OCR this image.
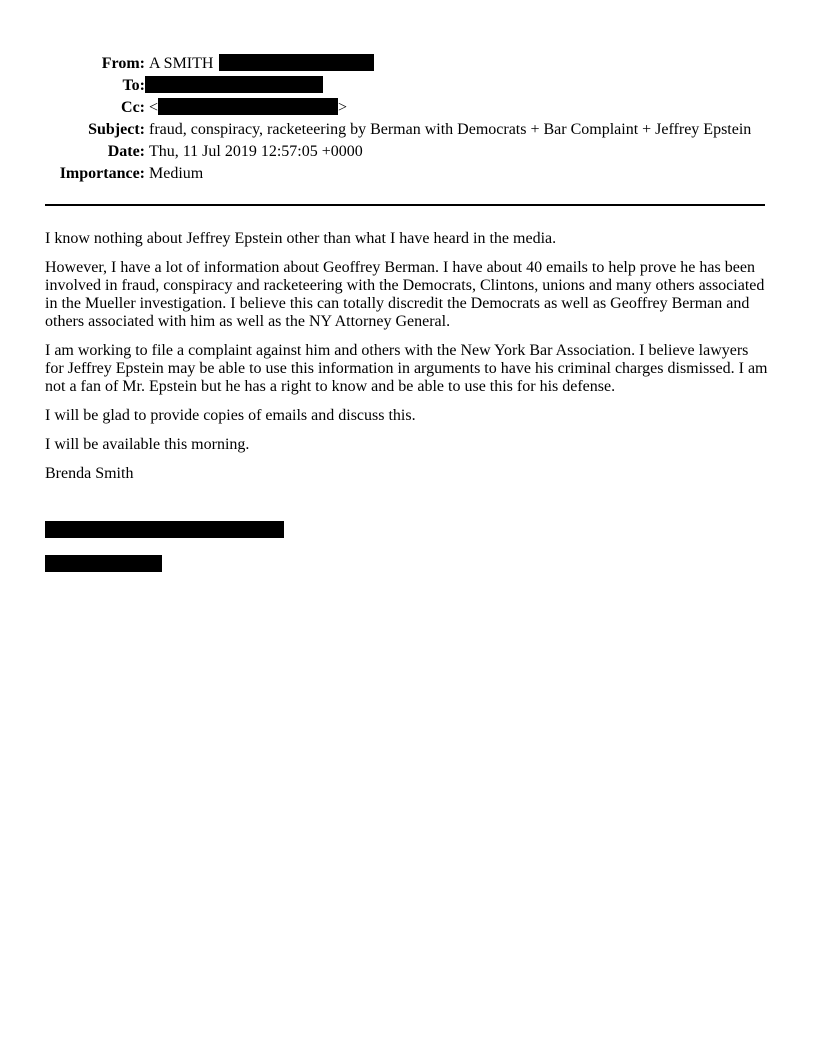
From: A SMITH
To:
Cc: <	>
Subject: fraud, conspiracy, racketeering by Berman with Democrats + Bar Complaint + Jeffrey Epstein
Date: Thu, 11 Jul 2019 12:57:05 +0000
Importance: Medium

I know nothing about Jeffrey Epstein other than what I have heard in the media.

However, I have a lot of information about Geoffrey Berman. I have about 40 emails to help prove he has been
involved in fraud, conspiracy and racketeering with the Democrats, Clintons, unions and many others associated
in the Mueller investigation. I believe this can totally discredit the Democrats as well as Geoffrey Berman and
others associated with him as well as the NY Attorney General.

I am working to file a complaint against him and others with the New York Bar Association. I believe lawyers
for Jeffrey Epstein may be able to use this information in arguments to have his criminal charges dismissed. I am
not a fan of Mr. Epstein but he has a right to know and be able to use this for his defense.

I will be glad to provide copies of emails and discuss this.

I will be available this morning.

Brenda Smith
